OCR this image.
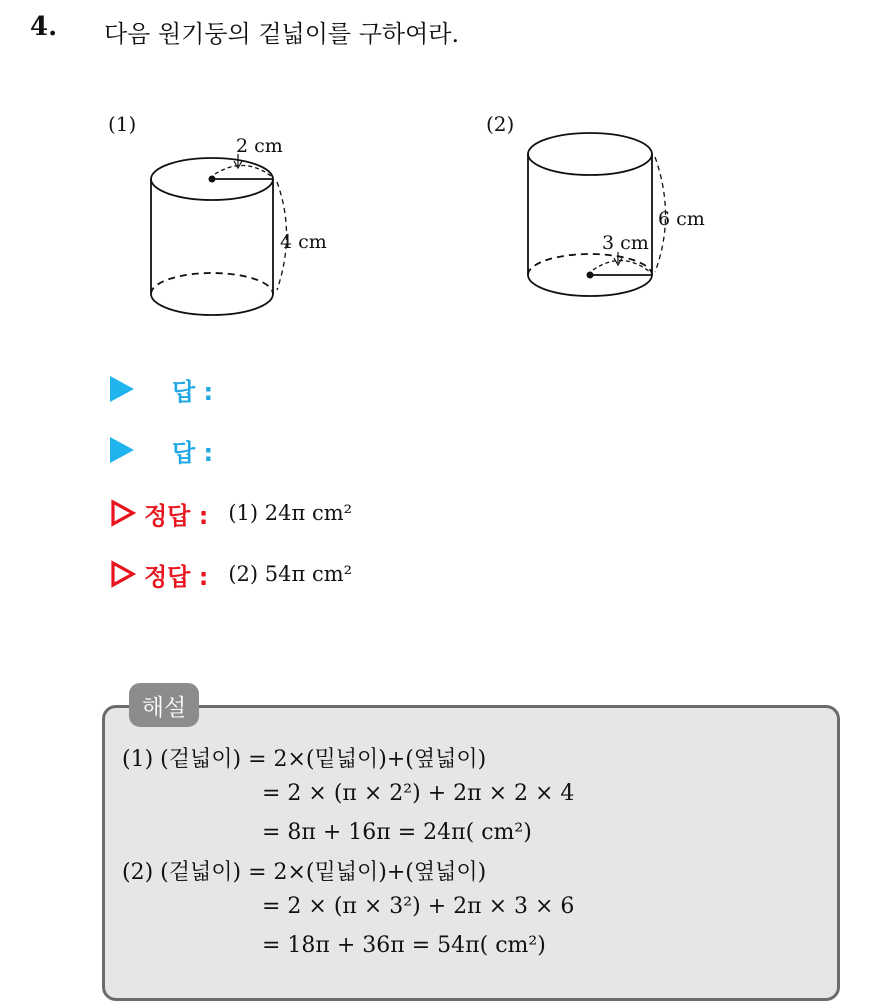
4. 다음 원기둥의 겉넓이를 구하여라.
(1)
2 cm
4 cm
(2)
3 cm
6 cm
답 :
답 :
정답 : (1) 24π cm²
정답 : (2) 54π cm²
해설
(1) (겉넓이) = 2×(밑넓이)+(옆넓이)
= 2 × (π × 2²) + 2π × 2 × 4
= 8π + 16π = 24π( cm²)
(2) (겉넓이) = 2×(밑넓이)+(옆넓이)
= 2 × (π × 3²) + 2π × 3 × 6
= 18π + 36π = 54π( cm²)
